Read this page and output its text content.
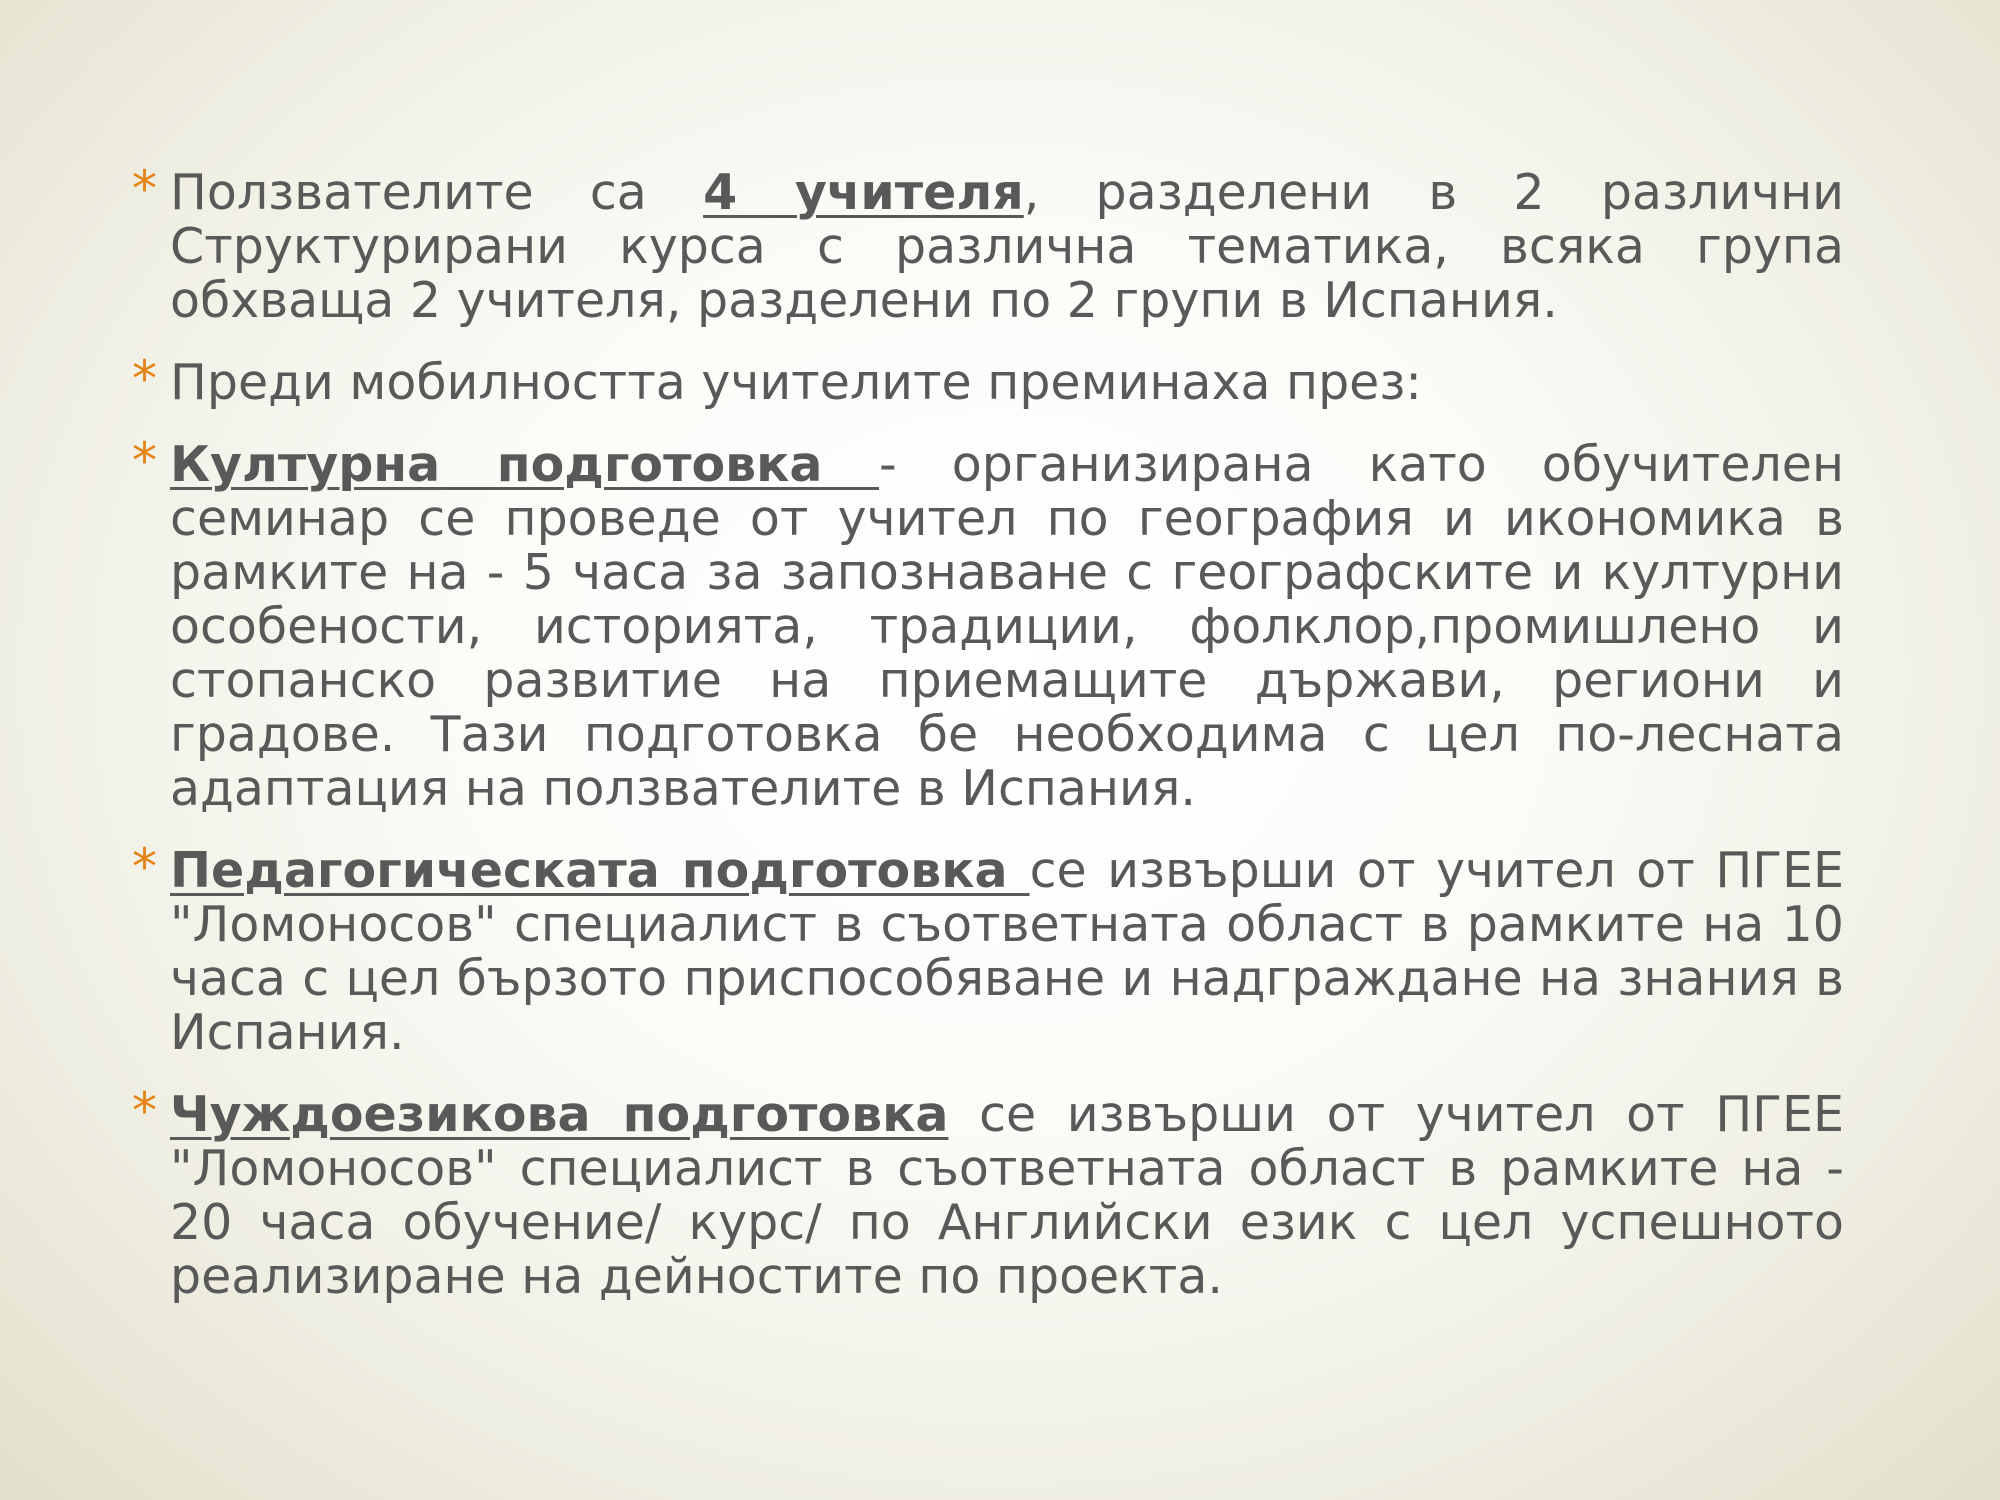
* Ползвателите са 4 учителя, разделени в 2 различни Структурирани курса с различна тематика, всяка група обхваща 2 учителя, разделени по 2 групи в Испания.
* Преди мобилността учителите преминаха през:
* Културна подготовка - организирана като обучителен семинар се проведе от учител по география и икономика в рамките на - 5 часа за запознаване с географските и културни особености, историята, традиции, фолклор,промишлено и стопанско развитие на приемащите държави, региони и градове. Тази подготовка бе необходима с цел по-лесната адаптация на ползвателите в Испания.
* Педагогическата подготовка се извърши от учител от ПГЕЕ "Ломоносов" специалист в съответната област в рамките на 10 часа с цел бързото приспособяване и надграждане на знания в Испания.
* Чуждоезикова подготовка се извърши от учител от ПГЕЕ "Ломоносов" специалист в съответната област в рамките на - 20 часа обучение/ курс/ по Английски език с цел успешното реализиране на дейностите по проекта.
